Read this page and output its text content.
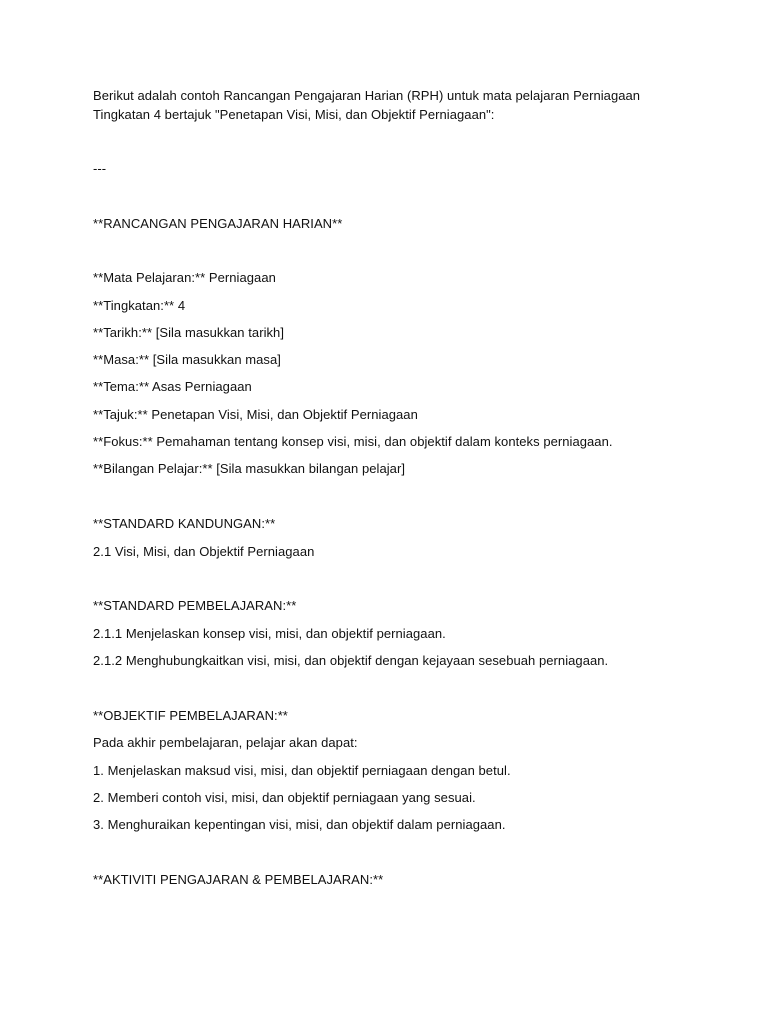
Berikut adalah contoh Rancangan Pengajaran Harian (RPH) untuk mata pelajaran Perniagaan
Tingkatan 4 bertajuk "Penetapan Visi, Misi, dan Objektif Perniagaan":
---
**RANCANGAN PENGAJARAN HARIAN**
**Mata Pelajaran:** Perniagaan
**Tingkatan:** 4
**Tarikh:** [Sila masukkan tarikh]
**Masa:** [Sila masukkan masa]
**Tema:** Asas Perniagaan
**Tajuk:** Penetapan Visi, Misi, dan Objektif Perniagaan
**Fokus:** Pemahaman tentang konsep visi, misi, dan objektif dalam konteks perniagaan.
**Bilangan Pelajar:** [Sila masukkan bilangan pelajar]
**STANDARD KANDUNGAN:**
2.1 Visi, Misi, dan Objektif Perniagaan
**STANDARD PEMBELAJARAN:**
2.1.1 Menjelaskan konsep visi, misi, dan objektif perniagaan.
2.1.2 Menghubungkaitkan visi, misi, dan objektif dengan kejayaan sesebuah perniagaan.
**OBJEKTIF PEMBELAJARAN:**
Pada akhir pembelajaran, pelajar akan dapat:
1. Menjelaskan maksud visi, misi, dan objektif perniagaan dengan betul.
2. Memberi contoh visi, misi, dan objektif perniagaan yang sesuai.
3. Menghuraikan kepentingan visi, misi, dan objektif dalam perniagaan.
**AKTIVITI PENGAJARAN & PEMBELAJARAN:**
